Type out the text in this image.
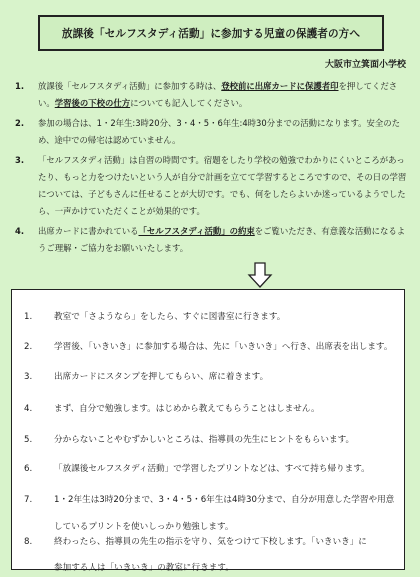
放課後「セルフスタディ活動」に参加する児童の保護者の方へ
大阪市立箕面小学校
1.	放課後「セルフスタディ活動」に参加する時は、登校前に出席カードに保護者印を押してください。学習後の下校の仕方についても記入してください。
2.	参加の場合は、1・2年生:3時20分、3・4・5・6年生:4時30分までの活動になります。安全のため、途中での帰宅は認めていません。
3.	「セルフスタディ活動」は自習の時間です。宿題をしたり学校の勉強でわかりにくいところがあったり、もっと力をつけたいという人が自分で計画を立てて学習するところですので、その日の学習については、子どもさんに任せることが大切です。でも、何をしたらよいか迷っているようでしたら、一声かけていただくことが効果的です。
4.	出席カードに書かれている「セルフスタディ活動」の約束をご覧いただき、有意義な活動になるようご理解・ご協力をお願いいたします。
1.	教室で「さようなら」をしたら、すぐに図書室に行きます。
2.	学習後、「いきいき」に参加する場合は、先に「いきいき」へ行き、出席表を出します。
3.	出席カードにスタンプを押してもらい、席に着きます。
4.	まず、自分で勉強します。はじめから教えてもらうことはしません。
5.	分からないことやむずかしいところは、指導員の先生にヒントをもらいます。
6.	「放課後セルフスタディ活動」で学習したプリントなどは、すべて持ち帰ります。
7.	1・2年生は3時20分まで、3・4・5・6年生は4時30分まで、自分が用意した学習や用意
しているプリントを使いしっかり勉強します。
8.	終わったら、指導員の先生の指示を守り、気をつけて下校します。「いきいき」に
参加する人は「いきいき」の教室に行きます。
